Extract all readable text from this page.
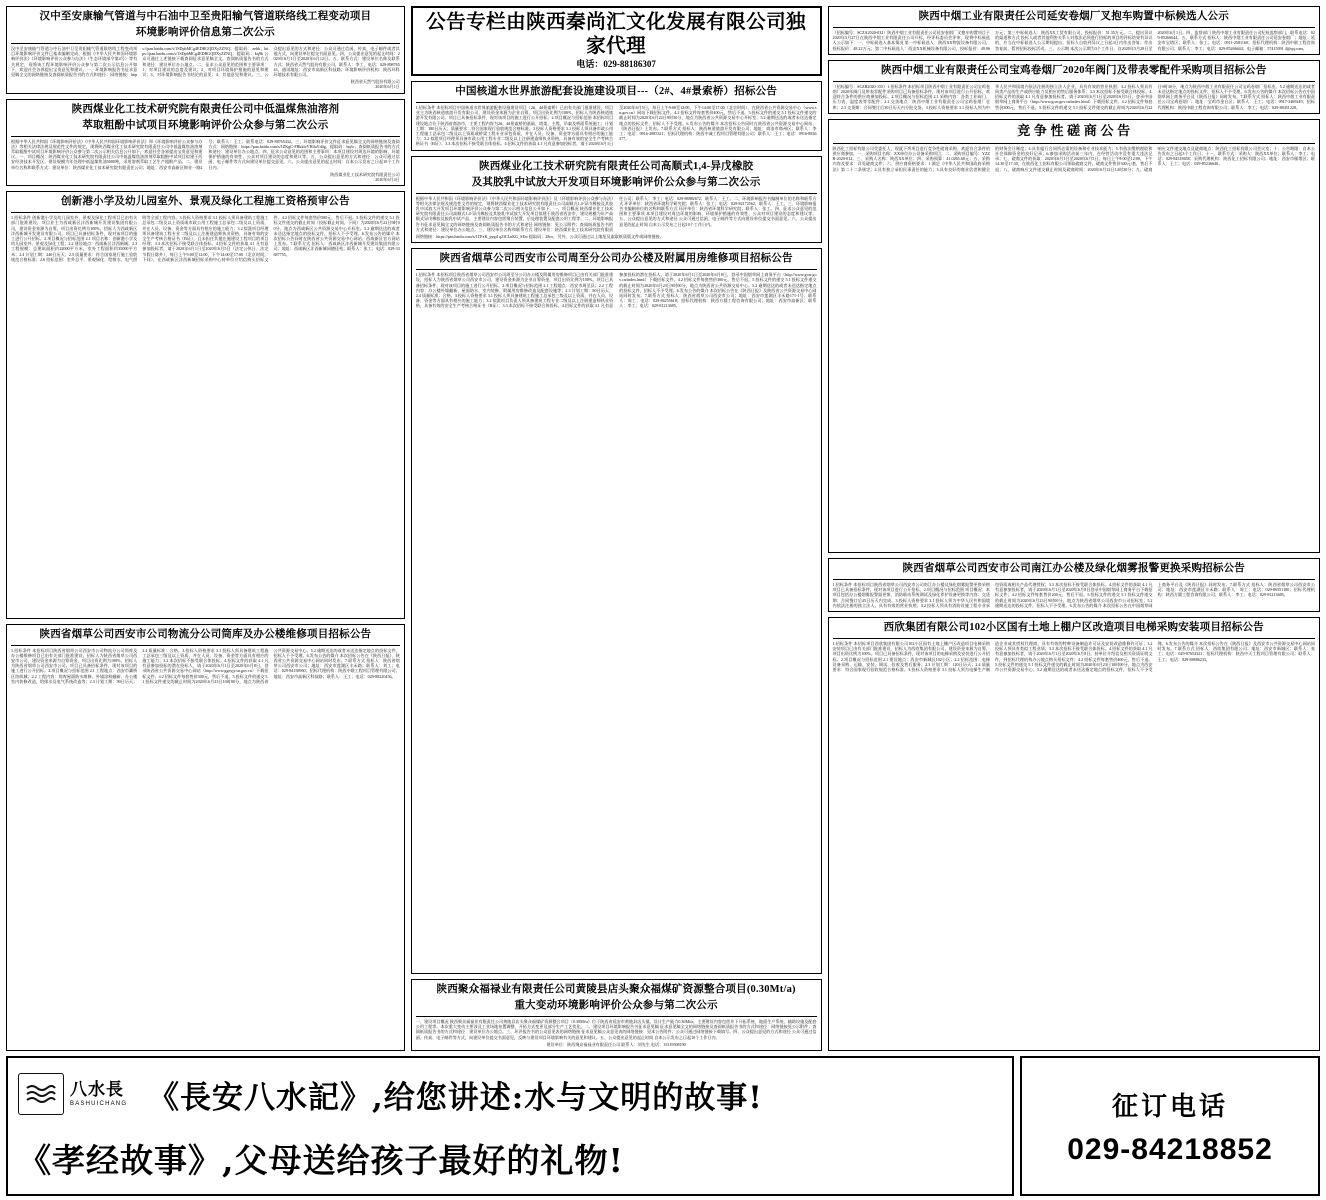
汉中至安康输气管道与中石油中卫至贵阳输气管道联络线工程变动项目
环境影响评价信息第二次公示
汉中至安康输气管道与中石油中卫至贵阳输气管道联络线工程变动项目环境影响评价文件已基本编制完成，根据《中华人民共和国环境影响评价法》《环境影响评价公众参与办法》（生态环境部令第4号）等有关规定，现将该工程环境影响评价公众参与第二次公示信息公开如下，欢迎社会各界提出宝贵意见和建议。一、环境影响报告书征求意见稿全文的网络链接及查阅纸质报告书的方式和途径：网络链接：https://pan.baidu.com/s/1SDphMCg4EDRGQDXyZZNQ；提取码：zebk；https://pan.baidu.com/s/1SDphMCg4EDRGQDXyZZNQ；提取码：kq9k 公众可通过上述链接下载查阅征求意见稿全文。查阅纸质报告书的方式和途径：建设单位办公地点。二、征求公众意见的范围和主要事项：1、对项目建设的态度及建议；2、对项目环境保护措施的意见和建议；3、对环境影响报告书结论的意见；4、其他意见和建议。三、公众提出意见的方式和途径：公众可通过信函、传真、电子邮件或者其他方式，向建设单位提交书面意见。四、公众提出意见的起止时间：2020年6月1日至2020年6月12日。五、联系方式：建设单位名称及联系方式：陕西省天然气股份有限公司，联系人：李工，电话：029-89876543，通讯地址：西安市高新区科技路；环境影响评价机构：陕西环科环境技术有限公司。
陕西省天然气股份有限公司
2020年6月1日
陕西煤业化工技术研究院有限责任公司中低温煤焦油溶剂
萃取粗酚中试项目环境影响评价公众参与第二次公示
根据中华人民共和国《环境影响评价法》《中华人民共和国环境影响评价法》和《环境影响评价公众参与办法》等相关法律法规及规范性文件的规定，现将陕西煤业化工技术研究院有限责任公司中低温煤焦油溶剂萃取粗酚中试项目环境影响评价公众参与第二次公示相关信息公开如下，欢迎社会各界提出宝贵意见和建议。一、项目概况：陕西煤业化工技术研究院有限责任公司中低温煤焦油溶剂萃取粗酚中试项目拟建于西安经济技术开发区，建设规模为年处理中低温煤焦油5000吨，采用溶剂萃取工艺生产粗酚产品。二、建设单位名称和联系方式：建设单位：陕西煤业化工技术研究院有限责任公司；地址：西安市高新区锦业一路2号；联系人：王工；联系电话：029-88765432。三、环境影响评价文件征求意见稿全文的网络链接及查阅方式：网络链接：https://pan.baidu.com/s/1ZKgC-FBkklvVH4uYd4g，提取码：bq3c；查阅纸质报告书的方式和途径：建设单位办公地点。四、征求公众意见的范围和主要事项：本项目建设对周边环境的影响、环境保护措施的有效性、公众对项目建设的态度和建议等。五、公众提出意见的方式和途径：公众可通过信函、电子邮件等方式向建设单位提交意见。六、公众提出意见的起止时间：自本公示发布之日起10个工作日内。
陕西煤业化工技术研究院有限责任公司
2020年6月4日
创新港小学及幼儿园室外、景观及绿化工程施工资格预审公告
1.招标条件 创新港小学及幼儿园室外、景观及绿化工程项目已由有关部门批准建设，项目业主为西咸新区沣西新城开发建设集团有限公司，建设资金来源为自筹，项目出资比例为100%，招标人为西咸新区沣西新城开发建设有限公司。项目已具备招标条件，现对该项目的施工进行公开招标。2.项目概况与招标范围 2.1 项目名称：创新港小学及幼儿园室外、景观及绿化工程；2.2 建设地点：西咸新区沣西新城；2.3 工程规模：总建筑面积约22000平方米，室外工程面积约35000平方米；2.4 计划工期：240日历天；2.5 质量要求：符合国家现行施工验收规范合格标准；2.6 招标范围：室外总平、景观绿化、给排水、电气照明等全部工程内容。3.投标人资格要求 3.1 投标人须具备建筑工程施工总承包二级及以上资质或市政公用工程施工总承包二级及以上资质，并在人员、设备、资金等方面具有相应的施工能力；3.2 拟派项目经理须具备建筑工程专业二级及以上注册建造师执业资格，具备有效的安全生产考核合格证书（B证），且未担任其他在施建设工程项目的项目经理；3.3 本次招标不接受联合体投标。4.招标文件的获取 4.1 凡有意参加投标者，请于2020年6月1日至2020年6月5日（法定公休日、法定节假日除外），每日上午9:00至12:00，下午14:00至17:00（北京时间，下同），在西咸新区沣西新城招标采购中心持单位介绍信购买招标文件。4.2 招标文件每套售价500元，售后不退。5.投标文件的递交 5.1 投标文件递交的截止时间（投标截止时间，下同）为2020年6月22日9时00分，地点为西咸新区公共资源交易中心开标室。5.2 逾期送达的或者未送达指定地点的投标文件，招标人不予受理。6.发布公告的媒介 本次招标公告同时在陕西省公共资源交易中心网站、西咸新区官方网站上发布。7.联系方式 招标人：西咸新区沣西新城开发建设集团有限公司；地址：西咸新区沣西新城同德佳苑；联系人：张工；电话：029-33687755。
陕西省烟草公司西安市公司物流分公司筒库及办公楼维修项目招标公告
1.招标条件 本招标项目陕西省烟草公司西安市公司物流分公司筒库及办公楼维修项目已由有关部门批准建设，招标人为陕西省烟草公司西安市公司，建设资金来源为自筹资金，项目出资比例为100%，招标人为陕西省烟草公司西安市公司。项目已具备招标条件，现对该项目的施工进行公开招标。2.项目概况与招标范围 2.1 工程地点：西安市灞桥区纺织城；2.2 工程内容：筒库屋面防水维修、外墙涂料翻新、办公楼室内装修改造、给排水及电气系统改造等；2.3 计划工期：90日历天；2.4 质量标准：合格。3.投标人资格要求 3.1 投标人须具备建筑工程施工总承包三级及以上资质，并在人员、设备、资金等方面具有相应的施工能力；3.2 本次招标不接受联合体投标。4.招标文件的获取 4.1 凡有意参加投标的潜在投标人，请于2020年6月1日至2020年6月8日，登录陕西省公共资源交易中心网站（http://www.ggzyjy.sn.gov.cn）下载招标文件。4.2 招标文件每套售价300元，售后不退。5.投标文件的递交 5.1 投标文件递交的截止时间为2020年6月23日10时00分，地点为陕西省公共资源交易中心。5.2 逾期送达的或者未送达指定地点的投标文件，招标人不予受理。6.发布公告的媒介 本次招标公告在《陕西日报》、陕西省公共资源交易中心网站同时发布。7.联系方式 招标人：陕西省烟草公司西安市公司；地址：西安市莲湖区丰禾路；联系人：刘工；电话：029-84158960；招标代理机构：陕西中联工程项目管理有限公司；地址：西安市高新区科技路；联系人：王工；电话：029-88220456。
公告专栏由陕西秦尚汇文化发展有限公司独家代理
电话：029-88186307
中国核道水世界旅游配套设施建设项目---（2#、4#景索桥）招标公告
1.招标条件 本招标项目中国核道水世界旅游配套设施建设项目（2#、4#景索桥）已由有关部门批准建设，项目业主为陕西核道旅游开发有限公司，建设资金来源为企业自筹，项目出资比例为100%，招标人为陕西核道旅游开发有限公司。项目已具备招标条件，现对该项目的施工进行公开招标。2.项目概况与招标范围 本招标项目建设地点位于陕西省商洛市，主要工程内容为2#、4#景索桥的基础、塔架、主缆、吊索及桥面系统施工；计划工期：180日历天；质量要求：符合国家现行验收规范合格标准。3.投标人资格要求 3.1 投标人须具备市政公用工程施工总承包二级及以上资质或桥梁工程专业承包资质，并在人员、设备、资金等方面具有相应的施工能力；3.2 拟派项目经理须具备市政公用工程专业二级及以上注册建造师执业资格，具备有效的安全生产考核合格证书（B证）；3.3 本次招标不接受联合体投标。4.招标文件的获取 4.1 凡有意参加投标者，请于2020年6月1日至2020年6月5日，每日上午9:00至12:00，下午14:00至17:00（北京时间），在陕西省公共资源交易中心（www.sn.gov.cn）网站下载招标文件。4.2 招标文件每套售价400元，售后不退。5.投标文件的递交 5.1 投标文件递交的截止时间为2020年6月22日9时30分，地点为陕西省公共资源交易中心开标室。5.2 逾期送达的或者未送达指定地点的投标文件，招标人不予受理。6.发布公告的媒介 本次招标公告同时在陕西省公共资源交易中心网站、《陕西日报》上发布。7.联系方式 招标人：陕西核道旅游开发有限公司；地址：商洛市商州区；联系人：李工；电话：0916-2885321；招标代理机构：陕西中诚工程项目管理有限公司；联系人：王工；电话：0916-8836377。
陕西煤业化工技术研究院有限责任公司高顺式1,4-异戊橡胶
及其胶乳中试放大开发项目环境影响评价公众参与第二次公示
根据中华人民共和国《环境影响评价法》《中华人民共和国环境影响评价法》及《环境影响评价公众参与办法》等相关法律法规及规范性文件的规定，现将陕西煤业化工技术研究院有限责任公司高顺式1,4-异戊橡胶及其胶乳中试放大开发项目环境影响评价公众参与第二次公示相关信息公开如下。一、项目概况 陕西煤业化工技术研究院有限责任公司高顺式1,4-异戊橡胶及其胶乳中试放大开发项目拟建于陕西省西安市，建设规模为年产高顺式异戊橡胶及胶乳中试产品，主要建设内容包括聚合装置、后处理装置及配套公用工程等。二、环境影响报告书征求意见稿全文的网络链接及查阅纸质报告书的方式和途径 网络链接：见公示附件；查阅纸质报告书的方式和途径：建设单位办公地点。三、建设单位名称和联系方式 建设单位：陕西煤业化工技术研究院有限责任公司；联系人：李工；电话：029-88882672；联系人：王工。二、环境影响报告书编制单位的名称和联系方式 环评单位：陕西省环境科学研究院；联系人：张工；电话：029-82172562；联系人：王工。三、环境影响报告书编制单位的名称和联系方式 环评单位：陕西省环境科学研究院；联系人：张工。四、征求公众意见的范围和主要事项 本项目建设对周边环境的影响、环境保护措施的有效性、公众对项目建设的态度和建议等。五、公众提出意见的方式和途径 公众可通过信函、电子邮件等方式向建设单位提交书面意见。六、公众提出意见的起止时间 自本公示发布之日起10个工作日内。
网络链接：https://pan.baidu.com/s/1TPxK_pygt1q23CLnKG_SEw 提取码：28co，另外，公众可通过以上地址及索取纸质版文件或网络链接。
陕西省烟草公司西安市公司周至分公司办公楼及附属用房维修项目招标公告
1.招标条件 本招标项目陕西省烟草公司西安市公司周至分公司办公楼及附属用房维修项目已由有关部门批准建设，招标人为陕西省烟草公司西安市公司，建设资金来源为企业自筹资金，项目出资比例为100%。项目已具备招标条件，现对该项目的施工进行公开招标。2.项目概况与招标范围 2.1 工程地点：西安市周至县；2.2 工程内容：办公楼外墙翻新、屋面防水、室内装修、附属用房维修改造及配套设施等；2.3 计划工期：80日历天；2.4 质量标准：合格。3.投标人资格要求 3.1 投标人须具备建筑工程施工总承包三级及以上资质，并在人员、设备、资金等方面具有相应的施工能力；3.2 拟派项目负责人须具备建筑工程专业二级及以上注册建造师执业资格，具备有效的安全生产考核合格证书（B证）；3.3 本次招标不接受联合体投标。4.招标文件的获取 4.1 凡有意参加投标的潜在投标人，请于2020年6月1日至2020年6月8日，登录中国烟草网上商务平台（http://www.gczr.gov.cn/index.html）下载招标文件。4.2 招标文件每套售价300元，售后不退。5.投标文件的递交 5.1 投标文件递交的截止时间为2020年6月23日9时00分，地点为陕西省公共资源交易中心。5.2 逾期送达的或者未送达指定地点的投标文件，招标人不予受理。6.发布公告的媒介 本次招标公告在《陕西日报》及陕西省公共资源交易中心网站同时发布。7.联系方式 招标人：陕西省烟草公司西安市公司；地址：西安市莲湖区丰禾路171-1号；联系人：周工；电话：029-86255618；招标代理机构：陕西方圆工程咨询有限公司；地址：西安市高新区；联系人：李工；电话：029-81213685。
陕西聚众福禄业有限责任公司黄陵县店头聚众福煤矿资源整合项目(0.30Mt/a)
重大变动环境影响评价公众参与第二次公示
一、建设项目概况 陕西聚众福禄业有限责任公司黄陵县店头聚众福煤矿资源整合项目（0.30Mt/a）位于陕西省延安市黄陵县店头镇，设计生产能力0.30Mt/a，主要建设内容包括井下开拓系统、地面生产系统、辅助设施及配套公用工程等。本次重大变动主要涉及工业场地布置调整、开拓方式变更及部分生产工艺优化。二、建设项目环境影响报告书征求意见稿 征求意见稿全文的网络链接及查阅纸质报告书的方式和途径：网络链接见公示附件；查阅纸质报告书的方式和途径：建设单位办公地点。三、环评报告书的公众意见表的网络链接 征求意见稿公众意见表的网络链接：见本公告附件；公众可通过网络链接下载填写。四、公众提出意见的方式和途径 公众可通过信函、传真、电子邮件等方式，向建设单位提交书面意见，反映与建设项目环境影响有关的意见和建议。五、公众提出意见的起止时间 自本公示发布之日起10个工作日内。
建设单位：陕西聚众福禄业有限责任公司 联系人：刘先生 电话：15319508190
陕西中烟工业有限责任公司延安卷烟厂叉抱车购置中标候选人公示
（招标编号：SCZA2020-032）陕西中烟工业有限责任公司延安卷烟厂叉抱车购置项目于2020年5月27日在陕西中烟工业有限责任公司开标，经评标委员会评审，现将中标候选人公示如下：一、中标候选人基本情况 第一中标候选人：陕西XX物流设备有限公司，投标报价：48.22万元；第二中标候选人：西安XX机械设备有限公司，投标报价：49.86万元；第三中标候选人：陕西XX工贸有限公司，投标报价：51.35万元。二、提出异议的渠道和方式 投标人或者其他利害关系人对依法必须进行招标的项目的评标结果有异议的，应当在中标候选人公示期间提出。招标人自收到异议之日起3日内作出答复；作出答复前，暂停招标投标活动。三、公示期 本次公示期为3个工作日，自2020年5月28日至2020年6月1日。四、监督部门 陕西中烟工业有限责任公司纪检监察部门，联系电话：029-85266644。五、联系方式 招标人：陕西中烟工业有限责任公司延安卷烟厂；地址：延安市宝塔区；联系人：张工；电话：0911-2581160；招标代理机构：陕西中联工程咨询有限公司；联系人：李工；电话：029-85266644；电子邮箱：57415091 4@qq.com。
陕西中烟工业有限责任公司宝鸡卷烟厂2020年阀门及带表零配件采购项目招标公告
（招标编号：SCZB2020-155）1.招标条件 本招标项目陕西中烟工业有限责任公司宝鸡卷烟厂2020年阀门及带表零配件采购项目已具备招标条件，现对该项目进行公开招标，欢迎符合条件的供应商参加投标。2.项目概况与招标范围 2.1 采购内容：各类工业阀门、压力表、温度表等零配件；2.2 交货地点：陕西中烟工业有限责任公司宝鸡卷烟厂仓库；2.3 交货期：合同签订后30日历天内分批交货。3.投标人资格要求 3.1 投标人须为中华人民共和国境内依法注册的独立法人企业，具有有效的营业执照；3.2 投标人须具有同类产品的生产或供应能力及相应的售后服务体系；3.3 本次招标不接受联合体投标。4.招标文件的获取 4.1 凡有意参加投标者，请于2020年6月1日至2020年6月5日，登录中国烟草网上商务平台（http://www.gczr.gov.cn/index.html）下载招标文件。4.2 招标文件每套售价300元，售后不退。5.投标文件的递交 5.1 投标文件递交的截止时间为2020年6月22日9时30分，地点为陕西中烟工业有限责任公司宝鸡卷烟厂招标室。5.2 逾期送达的或者未送达指定地点的投标文件，招标人不予受理。6.发布公告的媒介 本次招标公告在中国烟草网上商务平台及《陕西日报》同时发布。7.联系方式 招标人：陕西中烟工业有限责任公司宝鸡卷烟厂；地址：宝鸡市金台区；联系人：王工；电话：0917-3469249；招标代理机构：陕西中联工程咨询有限公司；联系人：李工；电话：029-88451228。
竞 争 性 磋 商 公 告
陕西化工招标有限公司受委托人，现就下列项目进行竞争性磋商采购，欢迎符合条件的供应商参加。一、采购项目名称：XX单位办公设备采购项目；二、采购项目编号：YZZB-2020-012；三、采购人名称：陕西XX单位；四、采购预算：41.0265.68元；五、采购内容及要求：详见磋商文件；六、供应商资格要求：1.满足《中华人民共和国政府采购法》第二十二条规定；2.具有独立承担民事责任的能力；3.具有良好的商业信誉和健全的财务会计制度；4.具有履行合同所必需的设备和专业技术能力；5.有依法缴纳税收和社会保障资金的良好记录；6.参加采购活动前三年内，在经营活动中没有重大违法记录；七、磋商文件的获取：2020年6月1日至2020年6月5日，每日上午9:00至12:00，下午14:30至17:30，在陕西化工招标有限公司领取磋商文件，磋商文件售价300元/套，售后不退；八、磋商响应文件递交截止时间及磋商时间：2020年6月12日14时30分；九、磋商响应文件递交地点及磋商地点：陕西化工招标有限公司会议室；十、公告期限：自本公告发布之日起3个工作日；十一、联系方式：采购人：陕西XX单位；联系人：李工；电话：029-84318658；采购代理机构：陕西化工招标有限公司；地址：西安市雁塔区；联系人：王工；电话：029-85236640。
陕西省烟草公司西安市公司南江办公楼及绿化烟雾报警更换采购招标公告
1.招标条件 本招标项目陕西省烟草公司西安市公司南江办公楼及绿化烟雾报警更换采购项目已具备招标条件，现对该项目进行公开招标。2.项目概况与招标范围 项目概况：本项目包括办公楼烟雾报警器更换、消防联动系统调试及绿化养护设备更换等内容；交货期：合同签订后45日历天内完成。3.投标人资格要求 3.1 投标人须为中华人民共和国境内依法注册的独立法人，具有有效的营业执照；3.2 投标人须具有消防设施工程专业承包资质或相关产品代理授权；3.3 本次招标不接受联合体投标。4.招标文件的获取 4.1 凡有意参加投标者，请于2020年6月1日至2020年6月8日登录中国烟草网上商务平台下载招标文件；4.2 招标文件每套售价200元，售后不退。5.投标文件的递交 5.1 投标文件递交的截止时间为2020年6月23日9时00分，地点为陕西省烟草公司西安市公司招标室；5.2 逾期送达的投标文件，招标人不予受理。6.发布公告的媒介 本次招标公告在中国烟草网上商务平台及《陕西日报》同时发布。7.联系方式 招标人：陕西省烟草公司西安市公司；地址：西安市莲湖区丰禾路；联系人：周工；电话：029-86551180；招标代理机构：陕西方圆工程咨询有限公司；联系人：李工；电话：029-81213685。
西欣集团有限公司102小区国有土地上棚户区改造项目电梯采购安装项目招标公告
1.招标条件 本招标项目西欣集团有限公司102小区国有土地上棚户区改造项目电梯采购安装项目已由有关部门批准建设，招标人为西欣集团有限公司，建设资金来源为自筹，项目出资比例为100%。项目已具备招标条件，现对该项目的电梯采购及安装进行公开招标。2.项目概况与招标范围 2.1 建设地点：西安市新城区102小区；2.2 招标范围：电梯设备采购、运输、安装、调试、验收及售后服务；2.3 计划工期：120日历天；2.4 质量要求：符合国家现行验收规范合格标准。3.投标人资格要求 3.1 投标人须为电梯生产制造企业或其授权代理商，具有有效的特种设备制造许可证及安装改造维修许可证；3.2 投标人须具有类似工程业绩；3.3 本次招标不接受联合体投标。4.招标文件的获取 4.1 凡有意参加投标者，请于2020年6月1日至2020年6月8日，持单位介绍信及相关资质证明文件，到招标代理机构办公地点购买招标文件；4.2 招标文件每套售价400元，售后不退。5.投标文件的递交 5.1 投标文件递交的截止时间为2020年6月23日10时00分，地点为西安市公共资源交易中心；5.2 逾期送达的或者未送达指定地点的投标文件，招标人不予受理。6.发布公告的媒介 本次招标公告在《陕西日报》及西安市公共资源交易中心网站同时发布。7.联系方式 招标人：西欣集团有限公司；地址：西安市新城区；联系人：张工；电话：029-87654321；招标代理机构：陕西中天工程项目管理有限公司；联系人：王工；电话：029-88886233。
八水長
BASHUICHANG 《長安八水記》,给您讲述:水与文明的故事!
《孝经故事》,父母送给孩子最好的礼物!
征订电话
029-84218852
